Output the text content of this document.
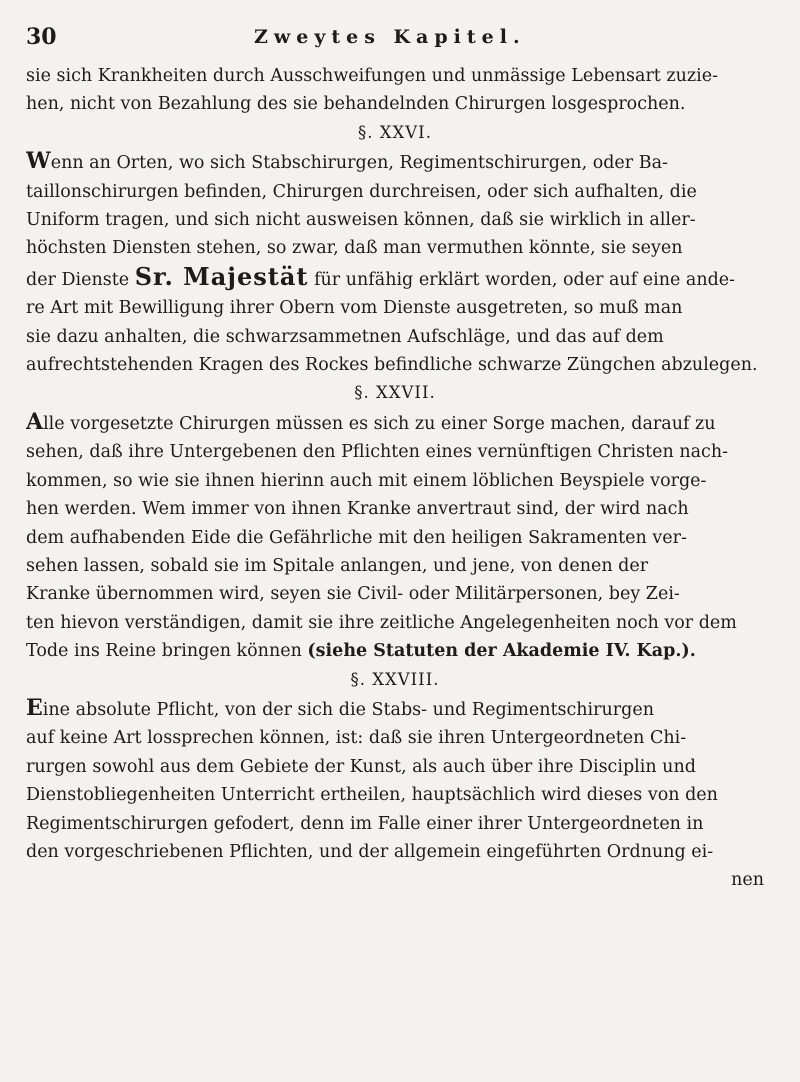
30	Zweytes Kapitel.

sie sich Krankheiten durch Ausschweifungen und unmässige Lebensart zuzie-
hen, nicht von Bezahlung des sie behandelnden Chirurgen losgesprochen.

§. XXVI.

Wenn an Orten, wo sich Stabschirurgen, Regimentschirurgen, oder Ba-
taillonschirurgen befinden, Chirurgen durchreisen, oder sich aufhalten, die
Uniform tragen, und sich nicht ausweisen können, daß sie wirklich in aller-
höchsten Diensten stehen, so zwar, daß man vermuthen könnte, sie seyen
der Dienste Sr. Majestät für unfähig erklärt worden, oder auf eine ande-
re Art mit Bewilligung ihrer Obern vom Dienste ausgetreten, so muß man
sie dazu anhalten, die schwarzsammetnen Aufschläge, und das auf dem
aufrechtstehenden Kragen des Rockes befindliche schwarze Züngchen abzulegen.

§. XXVII.

Alle vorgesetzte Chirurgen müssen es sich zu einer Sorge machen, darauf zu
sehen, daß ihre Untergebenen den Pflichten eines vernünftigen Christen nach-
kommen, so wie sie ihnen hierinn auch mit einem löblichen Beyspiele vorge-
hen werden. Wem immer von ihnen Kranke anvertraut sind, der wird nach
dem aufhabenden Eide die Gefährliche mit den heiligen Sakramenten ver-
sehen lassen, sobald sie im Spitale anlangen, und jene, von denen der
Kranke übernommen wird, seyen sie Civil- oder Militärpersonen, bey Zei-
ten hievon verständigen, damit sie ihre zeitliche Angelegenheiten noch vor dem
Tode ins Reine bringen können (siehe Statuten der Akademie IV. Kap.).

§. XXVIII.

Eine absolute Pflicht, von der sich die Stabs- und Regimentschirurgen
auf keine Art lossprechen können, ist: daß sie ihren Untergeordneten Chi-
rurgen sowohl aus dem Gebiete der Kunst, als auch über ihre Disciplin und
Dienstobliegenheiten Unterricht ertheilen, hauptsächlich wird dieses von den
Regimentschirurgen gefodert, denn im Falle einer ihrer Untergeordneten in
den vorgeschriebenen Pflichten, und der allgemein eingeführten Ordnung ei-
nen
